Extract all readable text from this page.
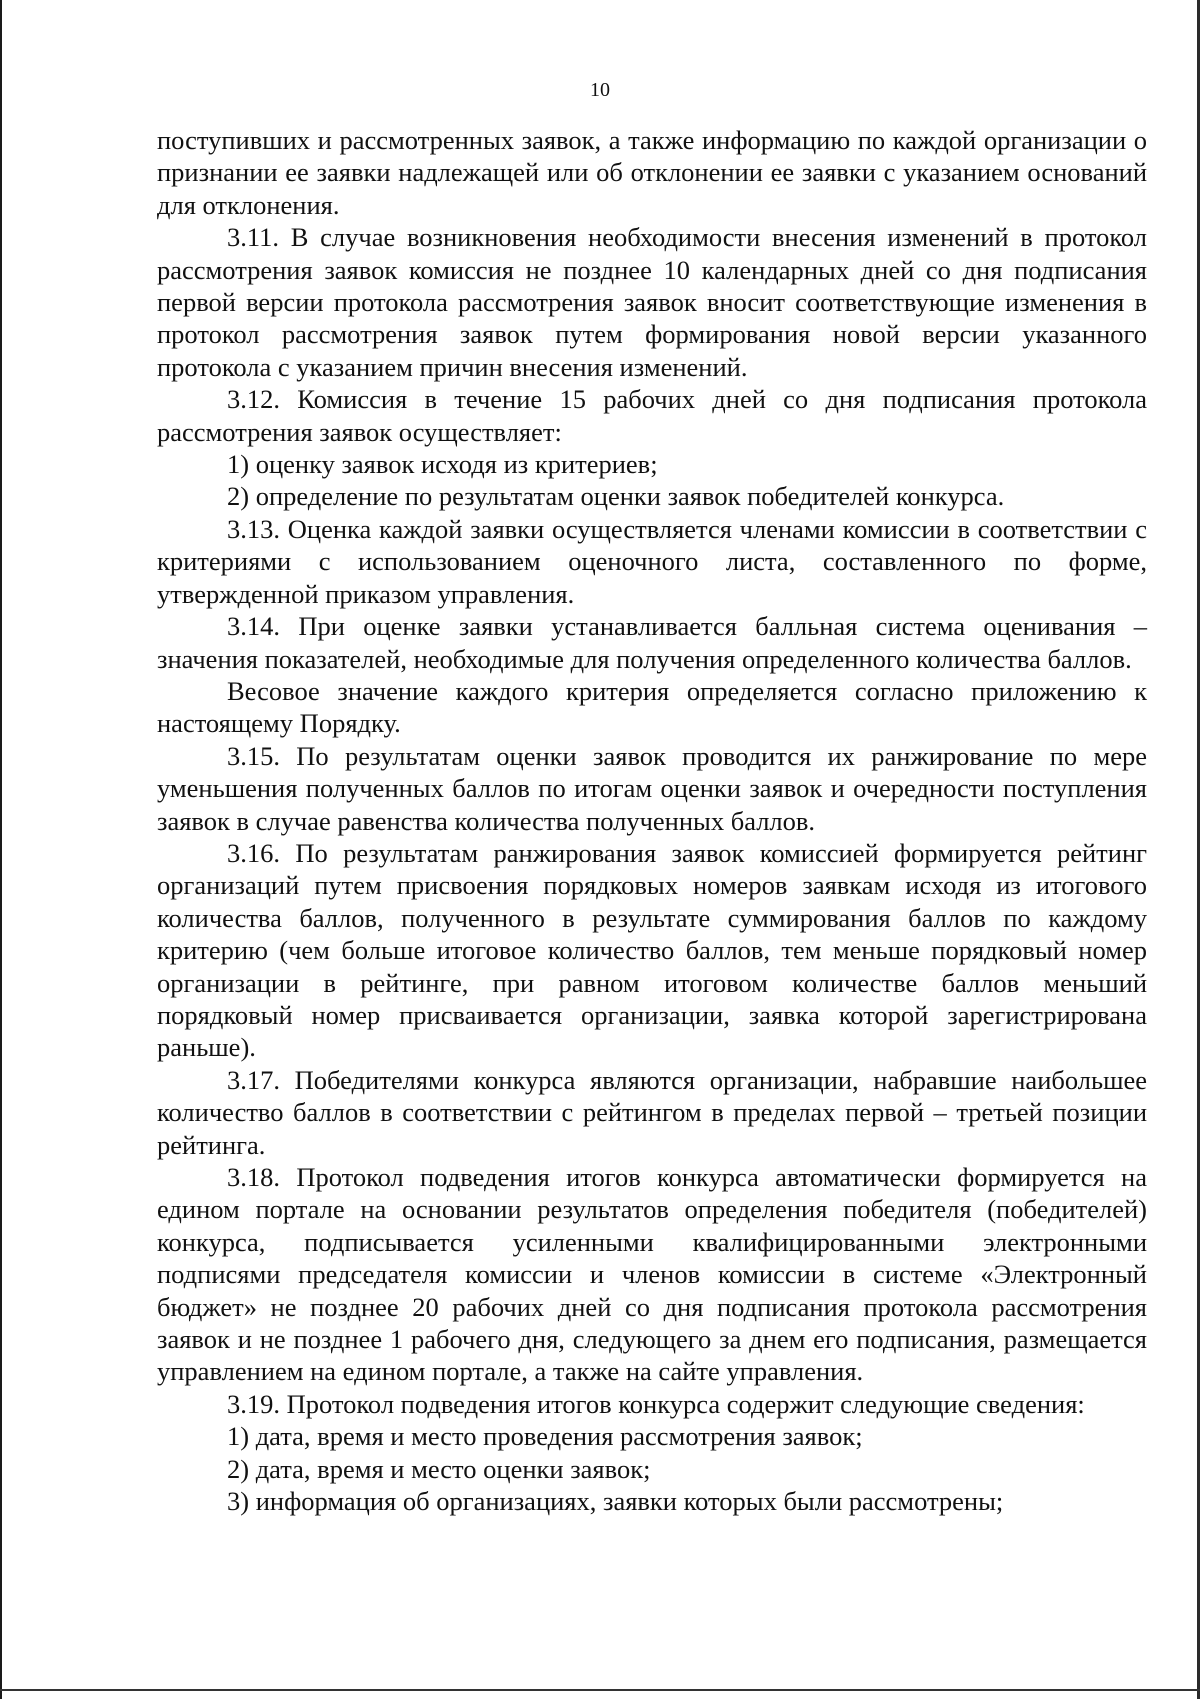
10

поступивших и рассмотренных заявок, а также информацию по каждой организации о признании ее заявки надлежащей или об отклонении ее заявки с указанием оснований для отклонения.

3.11. В случае возникновения необходимости внесения изменений в протокол рассмотрения заявок комиссия не позднее 10 календарных дней со дня подписания первой версии протокола рассмотрения заявок вносит соответствующие изменения в протокол рассмотрения заявок путем формирования новой версии указанного протокола с указанием причин внесения изменений.

3.12. Комиссия в течение 15 рабочих дней со дня подписания протокола рассмотрения заявок осуществляет:

1) оценку заявок исходя из критериев;

2) определение по результатам оценки заявок победителей конкурса.

3.13. Оценка каждой заявки осуществляется членами комиссии в соответствии с критериями с использованием оценочного листа, составленного по форме, утвержденной приказом управления.

3.14. При оценке заявки устанавливается балльная система оценивания – значения показателей, необходимые для получения определенного количества баллов.

Весовое значение каждого критерия определяется согласно приложению к настоящему Порядку.

3.15. По результатам оценки заявок проводится их ранжирование по мере уменьшения полученных баллов по итогам оценки заявок и очередности поступления заявок в случае равенства количества полученных баллов.

3.16. По результатам ранжирования заявок комиссией формируется рейтинг организаций путем присвоения порядковых номеров заявкам исходя из итогового количества баллов, полученного в результате суммирования баллов по каждому критерию (чем больше итоговое количество баллов, тем меньше порядковый номер организации в рейтинге, при равном итоговом количестве баллов меньший порядковый номер присваивается организации, заявка которой зарегистрирована раньше).

3.17. Победителями конкурса являются организации, набравшие наибольшее количество баллов в соответствии с рейтингом в пределах первой – третьей позиции рейтинга.

3.18. Протокол подведения итогов конкурса автоматически формируется на едином портале на основании результатов определения победителя (победителей) конкурса, подписывается усиленными квалифицированными электронными подписями председателя комиссии и членов комиссии в системе «Электронный бюджет» не позднее 20 рабочих дней со дня подписания протокола рассмотрения заявок и не позднее 1 рабочего дня, следующего за днем его подписания, размещается управлением на едином портале, а также на сайте управления.

3.19. Протокол подведения итогов конкурса содержит следующие сведения:

1) дата, время и место проведения рассмотрения заявок;

2) дата, время и место оценки заявок;

3) информация об организациях, заявки которых были рассмотрены;
